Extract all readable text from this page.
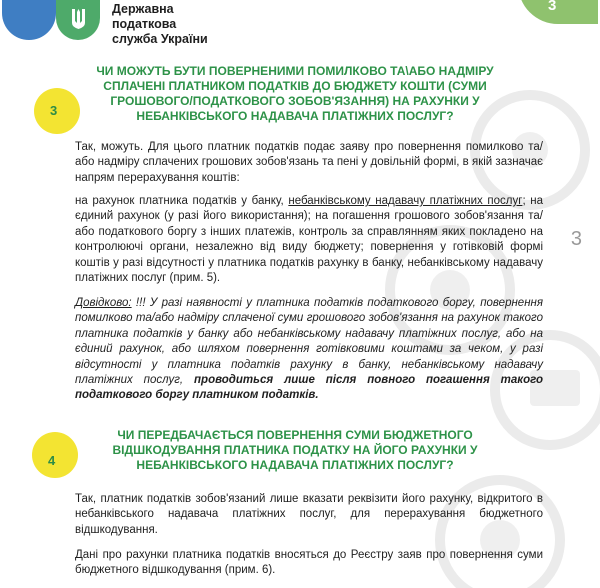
3
3
Державна
податкова
служба України
3
ЧИ МОЖУТЬ БУТИ ПОВЕРНЕНИМИ ПОМИЛКОВО ТА\АБО НАДМІРУ СПЛАЧЕНІ ПЛАТНИКОМ ПОДАТКІВ ДО БЮДЖЕТУ КОШТИ (СУМИ ГРОШОВОГО/ПОДАТКОВОГО ЗОБОВ'ЯЗАННЯ) НА РАХУНКИ У НЕБАНКІВСЬКОГО НАДАВАЧА ПЛАТІЖНИХ ПОСЛУГ?
Так, можуть. Для цього платник податків подає заяву про повернення помилково та/або надміру сплачених грошових зобов'язань та пені у довільній формі, в якій зазначає напрям перерахування коштів:
на рахунок платника податків у банку, небанківському надавачу платіжних послуг; на єдиний рахунок (у разі його використання); на погашення грошового зобов'язання та/або податкового боргу з інших платежів, контроль за справлянням яких покладено на контролюючі органи, незалежно від виду бюджету; повернення у готівковій формі коштів у разі відсутності у платника податків рахунку в банку, небанківському надавачу платіжних послуг (прим. 5).
Довідково: !!! У разі наявності у платника податків податкового боргу, повернення помилково та/або надміру сплаченої суми грошового зобов'язання на рахунок такого платника податків у банку або небанківському надавачу платіжних послуг, або на єдиний рахунок, або шляхом повернення готівковими коштами за чеком, у разі відсутності у платника податків рахунку в банку, небанківському надавачу платіжних послуг, проводиться лише після повного погашення такого податкового боргу платником податків.
4
ЧИ ПЕРЕДБАЧАЄТЬСЯ ПОВЕРНЕННЯ СУМИ БЮДЖЕТНОГО ВІДШКОДУВАННЯ ПЛАТНИКА ПОДАТКУ НА ЙОГО РАХУНКИ У НЕБАНКІВСЬКОГО НАДАВАЧА ПЛАТІЖНИХ ПОСЛУГ?
Так, платник податків зобов'язаний лише вказати реквізити його рахунку, відкритого в небанківського надавача платіжних послуг, для перерахування бюджетного відшкодування.
Дані про рахунки платника податків вносяться до Реєстру заяв про повернення суми бюджетного відшкодування (прим. 6).
